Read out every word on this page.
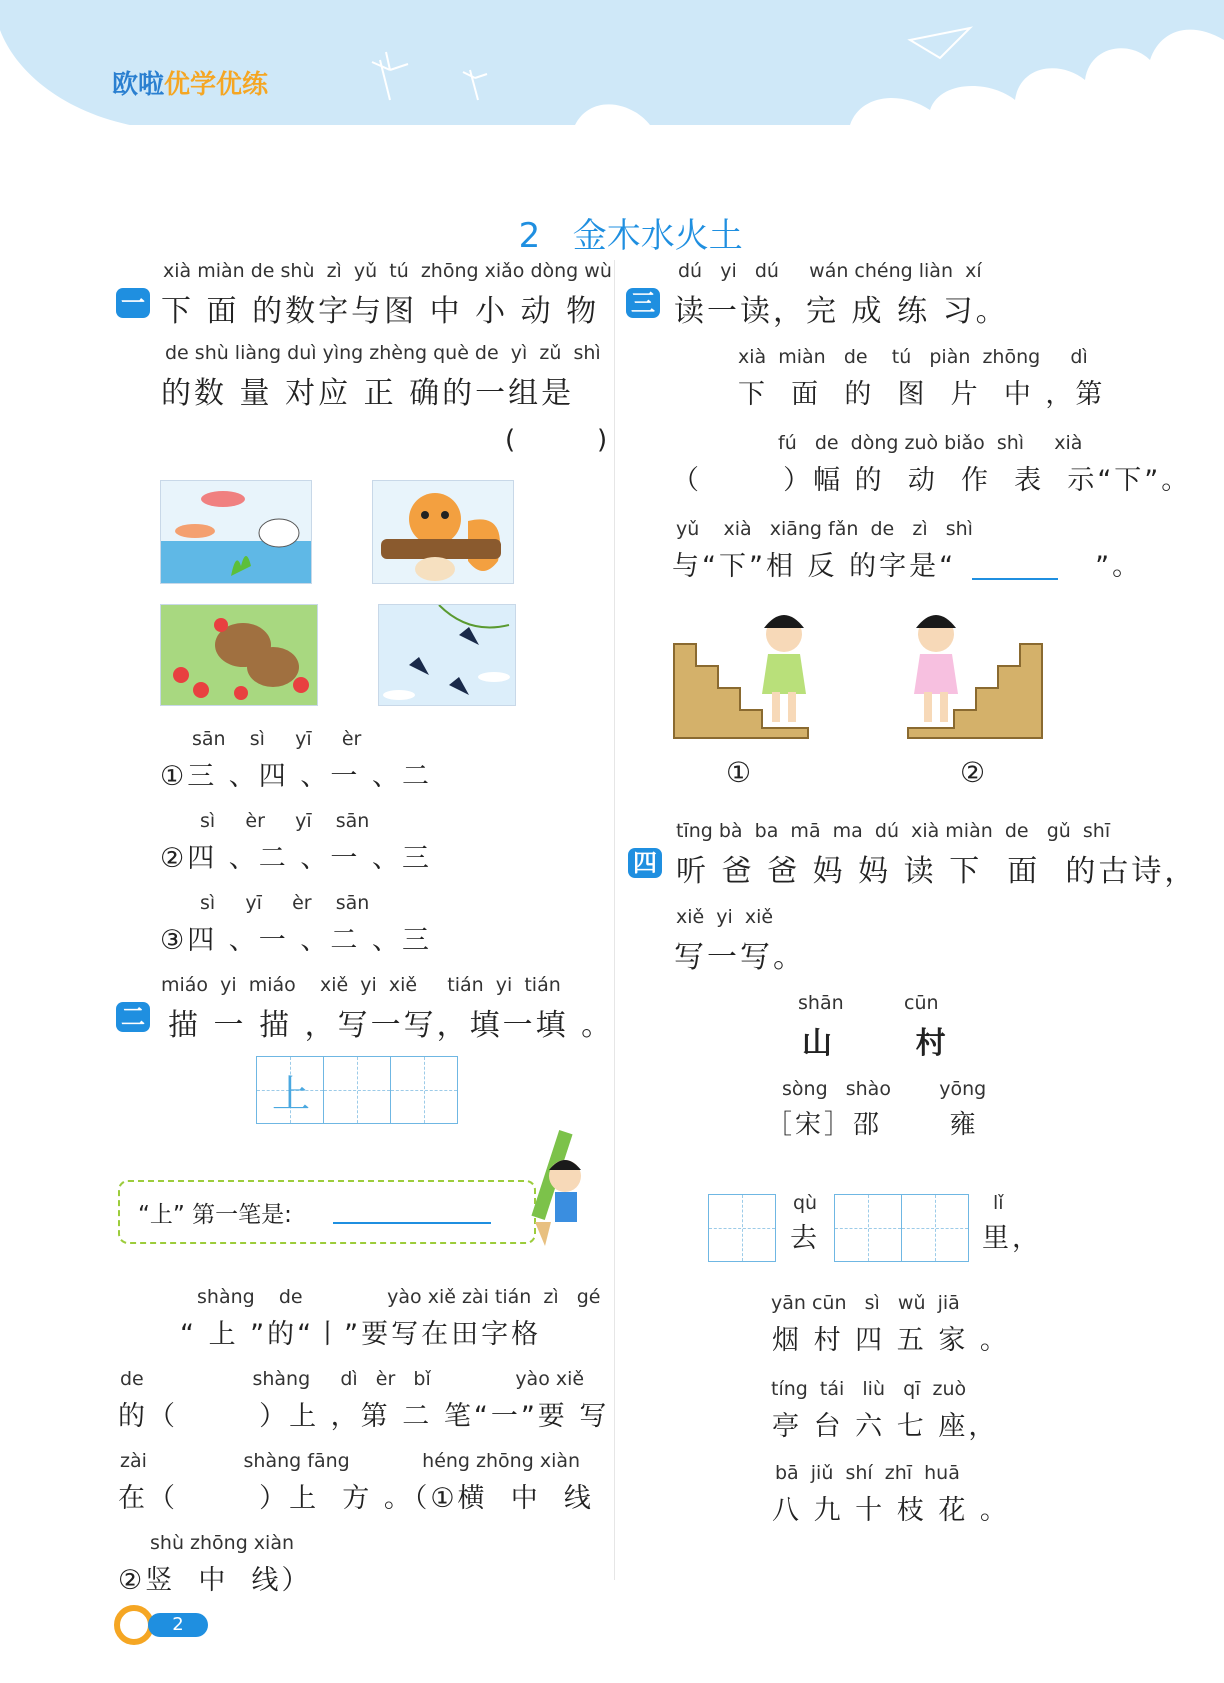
欧啦优学优练

2 金木水火土

一
xià miàn de shù  zì  yǔ  tú  zhōng xiǎo dòng wù
下 面 的数字与图 中 小 动 物
de shù liàng duì yìng zhèng què de  yì  zǔ  shì
的数 量 对应 正 确的一组是
(       )
sān    sì     yī     èr
①三 、四 、一 、二
sì     èr     yī    sān
②四 、二 、一 、三
sì     yī     èr    sān
③四 、一 、二 、三
二
miáo  yi  miáo    xiě  yi  xiě     tián  yi  tián
描 一 描 ，写一写，填一填 。
上
“上” 第一笔是:
shàng    de              yào xiě zài tián  zì   gé
“ 上 ”的“丨”要写在田字格
de                  shàng     dì   èr   bǐ              yào xiě
的（       ）上 ，第 二 笔“一”要 写
zài                shàng fāng            héng zhōng xiàn
在（       ）上  方 。（①横  中  线
shù zhōng xiàn
②竖  中  线）
三
dú   yi   dú     wán chéng liàn  xí
读一读，完 成 练 习。
xià  miàn   de    tú   piàn  zhōng     dì
下  面  的  图  片  中 ，第
fú   de  dòng zuò biǎo  shì     xià
（       ）幅 的  动  作  表  示“下”。
yǔ    xià   xiāng fǎn  de   zì   shì
与“下”相 反 的字是“            ”。
①	②
四
tīng bà  ba  mā  ma  dú  xià miàn  de   gǔ  shī
听 爸 爸 妈 妈 读 下  面  的古诗，
xiě  yi  xiě
写一写。
shān          cūn
山      村
sòng   shào        yōng
［宋］邵      雍
qù
去
lǐ
里，
yān cūn   sì   wǔ  jiā
烟 村 四 五 家 。
tíng  tái   liù   qī  zuò
亭 台 六 七 座，
bā  jiǔ  shí  zhī  huā
八 九 十 枝 花 。
2
